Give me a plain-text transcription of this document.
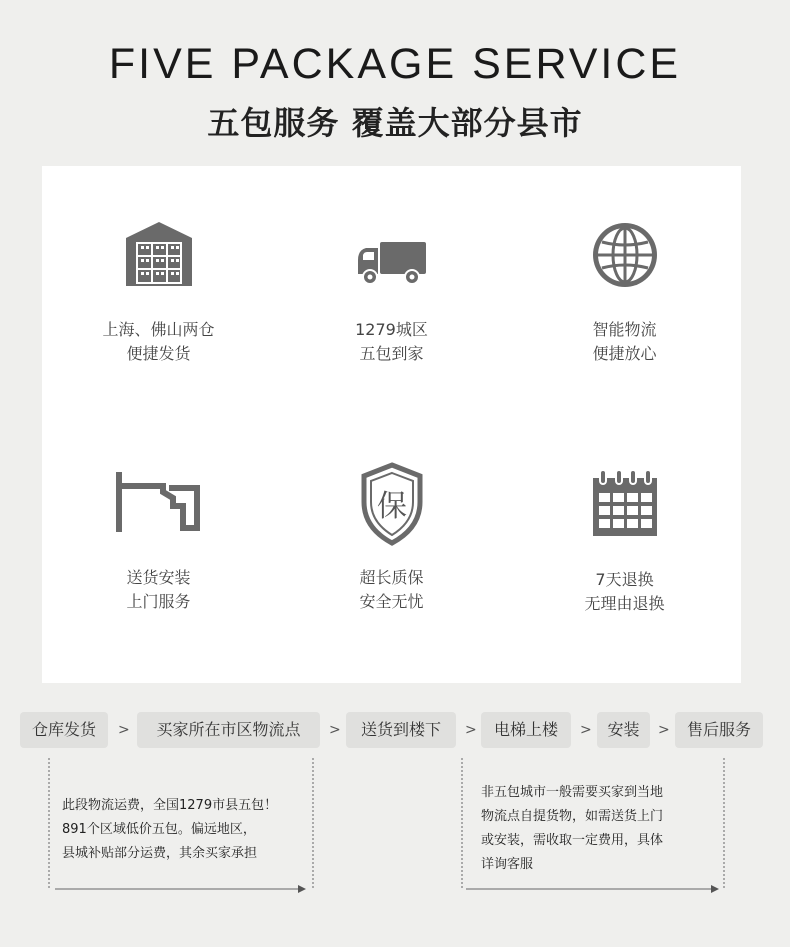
FIVE PACKAGE SERVICE
五包服务 覆盖大部分县市
上海、佛山两仓
便捷发货
1279城区
五包到家
智能物流
便捷放心
送货安装
上门服务
保
超长质保
安全无忧
7天退换
无理由退换
仓库发货	>	买家所在市区物流点	>	送货到楼下	>	电梯上楼	> 安装	>	售后服务
此段物流运费，全国1279市县五包！
891个区域低价五包。偏远地区，
县城补贴部分运费，其余买家承担
非五包城市一般需要买家到当地
物流点自提货物，如需送货上门
或安装，需收取一定费用，具体
详询客服
